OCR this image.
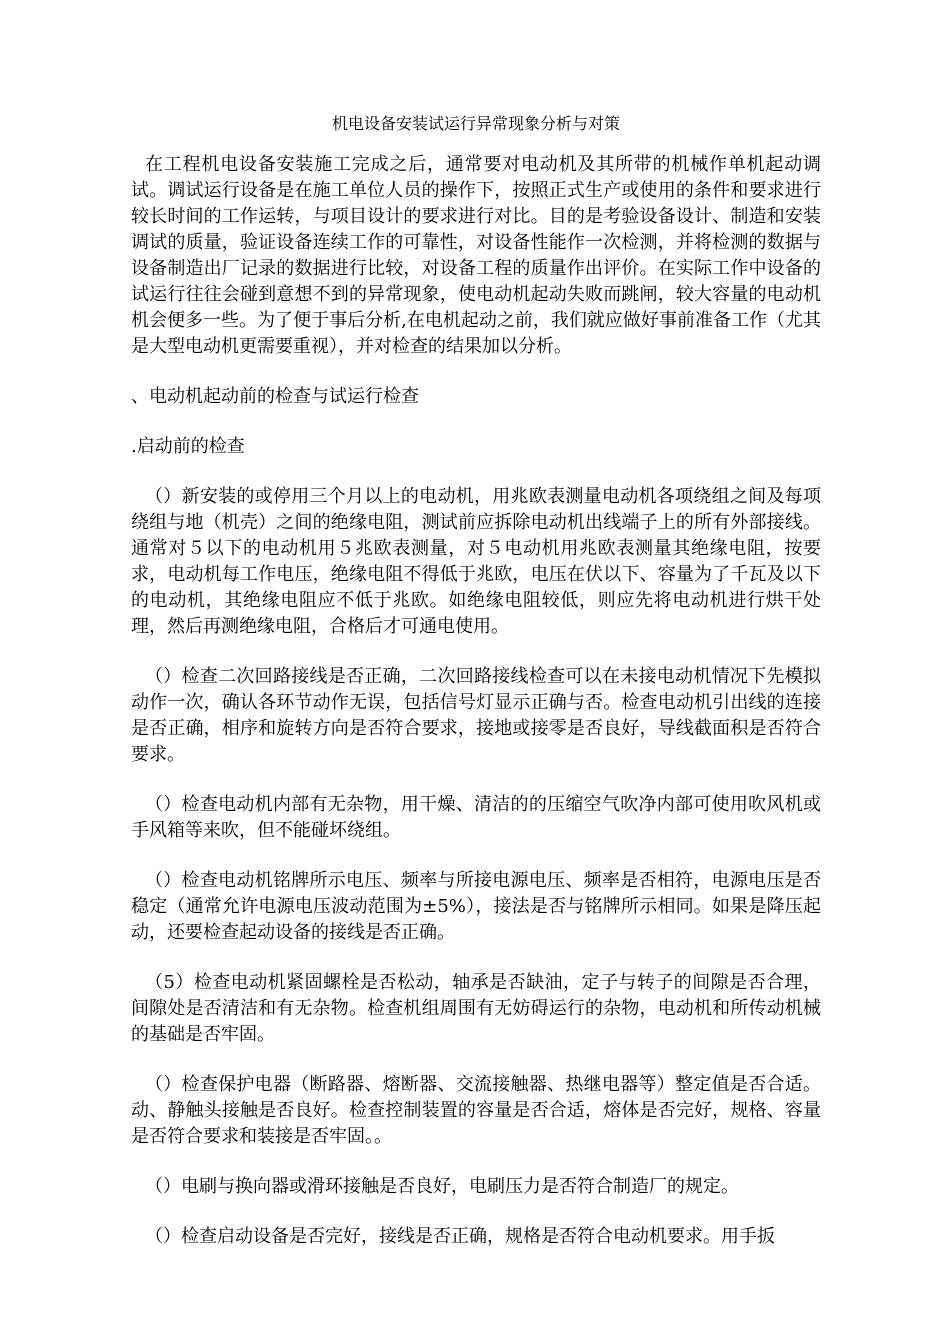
机电设备安装试运行异常现象分析与对策

在工程机电设备安装施工完成之后，通常要对电动机及其所带的机械作单机起动调试。调试运行设备是在施工单位人员的操作下，按照正式生产或使用的条件和要求进行较长时间的工作运转，与项目设计的要求进行对比。目的是考验设备设计、制造和安装调试的质量，验证设备连续工作的可靠性，对设备性能作一次检测，并将检测的数据与设备制造出厂记录的数据进行比较，对设备工程的质量作出评价。在实际工作中设备的试运行往往会碰到意想不到的异常现象，使电动机起动失败而跳闸，较大容量的电动机机会便多一些。为了便于事后分析,在电机起动之前，我们就应做好事前准备工作（尤其是大型电动机更需要重视），并对检查的结果加以分析。

、电动机起动前的检查与试运行检查
.启动前的检查

（）新安装的或停用三个月以上的电动机，用兆欧表测量电动机各项绕组之间及每项绕组与地（机壳）之间的绝缘电阻，测试前应拆除电动机出线端子上的所有外部接线。通常对５以下的电动机用５兆欧表测量，对５电动机用兆欧表测量其绝缘电阻，按要求，电动机每工作电压，绝缘电阻不得低于兆欧，电压在伏以下、容量为了千瓦及以下的电动机，其绝缘电阻应不低于兆欧。如绝缘电阻较低，则应先将电动机进行烘干处理，然后再测绝缘电阻，合格后才可通电使用。

（）检查二次回路接线是否正确，二次回路接线检查可以在未接电动机情况下先模拟动作一次，确认各环节动作无误，包括信号灯显示正确与否。检查电动机引出线的连接是否正确，相序和旋转方向是否符合要求，接地或接零是否良好，导线截面积是否符合要求。

（）检查电动机内部有无杂物，用干燥、清洁的的压缩空气吹净内部可使用吹风机或手风箱等来吹，但不能碰坏绕组。

（）检查电动机铭牌所示电压、频率与所接电源电压、频率是否相符，电源电压是否稳定（通常允许电源电压波动范围为±5%），接法是否与铭牌所示相同。如果是降压起动，还要检查起动设备的接线是否正确。

（5）检查电动机紧固螺栓是否松动，轴承是否缺油，定子与转子的间隙是否合理，间隙处是否清洁和有无杂物。检查机组周围有无妨碍运行的杂物，电动机和所传动机械的基础是否牢固。

（）检查保护电器（断路器、熔断器、交流接触器、热继电器等）整定值是否合适。动、静触头接触是否良好。检查控制装置的容量是否合适，熔体是否完好，规格、容量是否符合要求和装接是否牢固。。

（）电刷与换向器或滑环接触是否良好，电刷压力是否符合制造厂的规定。

（）检查启动设备是否完好，接线是否正确，规格是否符合电动机要求。用手扳
